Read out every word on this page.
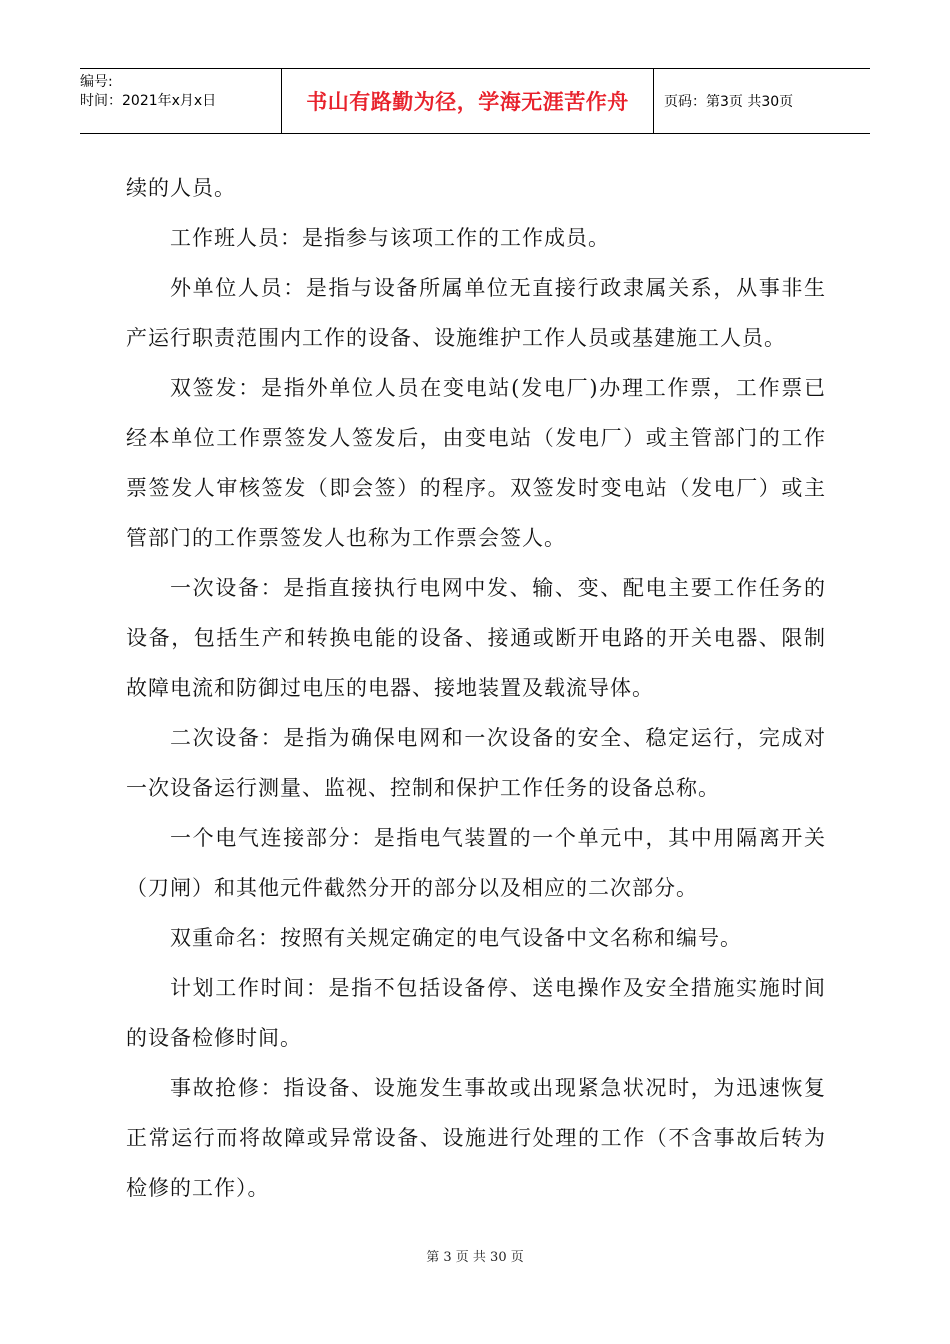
编号:
时间：2021年x月x日	书山有路勤为径，学海无涯苦作舟	页码：第3页 共30页

续的人员。

工作班人员：是指参与该项工作的工作成员。

外单位人员：是指与设备所属单位无直接行政隶属关系，从事非生产运行职责范围内工作的设备、设施维护工作人员或基建施工人员。

双签发：是指外单位人员在变电站(发电厂)办理工作票，工作票已经本单位工作票签发人签发后，由变电站（发电厂）或主管部门的工作票签发人审核签发（即会签）的程序。双签发时变电站（发电厂）或主管部门的工作票签发人也称为工作票会签人。

一次设备：是指直接执行电网中发、输、变、配电主要工作任务的设备，包括生产和转换电能的设备、接通或断开电路的开关电器、限制故障电流和防御过电压的电器、接地装置及载流导体。

二次设备：是指为确保电网和一次设备的安全、稳定运行，完成对一次设备运行测量、监视、控制和保护工作任务的设备总称。

一个电气连接部分：是指电气装置的一个单元中，其中用隔离开关（刀闸）和其他元件截然分开的部分以及相应的二次部分。

双重命名：按照有关规定确定的电气设备中文名称和编号。

计划工作时间：是指不包括设备停、送电操作及安全措施实施时间的设备检修时间。

事故抢修：指设备、设施发生事故或出现紧急状况时，为迅速恢复正常运行而将故障或异常设备、设施进行处理的工作（不含事故后转为检修的工作）。

第 3 页 共 30 页
